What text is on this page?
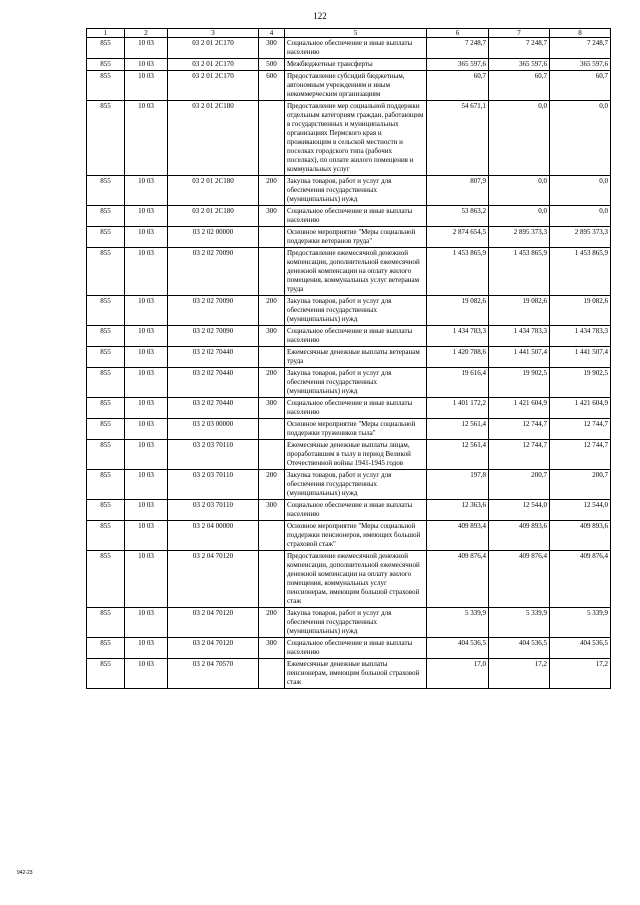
122
1	2	3	4	5	6	7	8
855	10 03	03 2 01 2С170	300	Социальное обеспечение и иные выплаты населению	7 248,7	7 248,7	7 248,7
855	10 03	03 2 01 2С170	500	Межбюджетные трансферты	365 597,6	365 597,6	365 597,6
855	10 03	03 2 01 2С170	600	Предоставление субсидий бюджетным, автономным учреждениям и иным некоммерческим организациям	60,7	60,7	60,7
855	10 03	03 2 01 2С180		Предоставление мер социальной поддержки отдельным категориям граждан, работающим в государственных и муниципальных организациях Пермского края и проживающим в сельской местности и поселках городского типа (рабочих поселках), по оплате жилого помещения и коммунальных услуг	54 671,1	0,0	0,0
855	10 03	03 2 01 2С180	200	Закупка товаров, работ и услуг для обеспечения государственных (муниципальных) нужд	807,9	0,0	0,0
855	10 03	03 2 01 2С180	300	Социальное обеспечение и иные выплаты населению	53 863,2	0,0	0,0
855	10 03	03 2 02 00000		Основное мероприятие "Меры социальной поддержки ветеранов труда"	2 874 654,5	2 895 373,3	2 895 373,3
855	10 03	03 2 02 70090		Предоставление ежемесячной денежной компенсации, дополнительной ежемесячной денежной компенсации на оплату жилого помещения, коммунальных услуг ветеранам труда	1 453 865,9	1 453 865,9	1 453 865,9
855	10 03	03 2 02 70090	200	Закупка товаров, работ и услуг для обеспечения государственных (муниципальных) нужд	19 082,6	19 082,6	19 082,6
855	10 03	03 2 02 70090	300	Социальное обеспечение и иные выплаты населению	1 434 783,3	1 434 783,3	1 434 783,3
855	10 03	03 2 02 70440		Ежемесячные денежные выплаты ветеранам труда	1 420 788,6	1 441 507,4	1 441 507,4
855	10 03	03 2 02 70440	200	Закупка товаров, работ и услуг для обеспечения государственных (муниципальных) нужд	19 616,4	19 902,5	19 902,5
855	10 03	03 2 02 70440	300	Социальное обеспечение и иные выплаты населению	1 401 172,2	1 421 604,9	1 421 604,9
855	10 03	03 2 03 00000		Основное мероприятие "Меры социальной поддержки тружеников тыла"	12 561,4	12 744,7	12 744,7
855	10 03	03 2 03 70110		Ежемесячные денежные выплаты лицам, проработавшим в тылу в период Великой Отечественной войны 1941-1945 годов	12 561,4	12 744,7	12 744,7
855	10 03	03 2 03 70110	200	Закупка товаров, работ и услуг для обеспечения государственных (муниципальных) нужд	197,8	200,7	200,7
855	10 03	03 2 03 70110	300	Социальное обеспечение и иные выплаты населению	12 363,6	12 544,0	12 544,0
855	10 03	03 2 04 00000		Основное мероприятие "Меры социальной поддержки пенсионеров, имеющих большой страховой стаж"	409 893,4	409 893,6	409 893,6
855	10 03	03 2 04 70120		Предоставление ежемесячной денежной компенсации, дополнительной ежемесячной денежной компенсации на оплату жилого помещения, коммунальных услуг пенсионерам, имеющим большой страховой стаж	409 876,4	409 876,4	409 876,4
855	10 03	03 2 04 70120	200	Закупка товаров, работ и услуг для обеспечения государственных (муниципальных) нужд	5 339,9	5 339,9	5 339,9
855	10 03	03 2 04 70120	300	Социальное обеспечение и иные выплаты населению	404 536,5	404 536,5	404 536,5
855	10 03	03 2 04 70570		Ежемесячные денежные выплаты пенсионерам, имеющим большой страховой стаж	17,0	17,2	17,2
942-23
